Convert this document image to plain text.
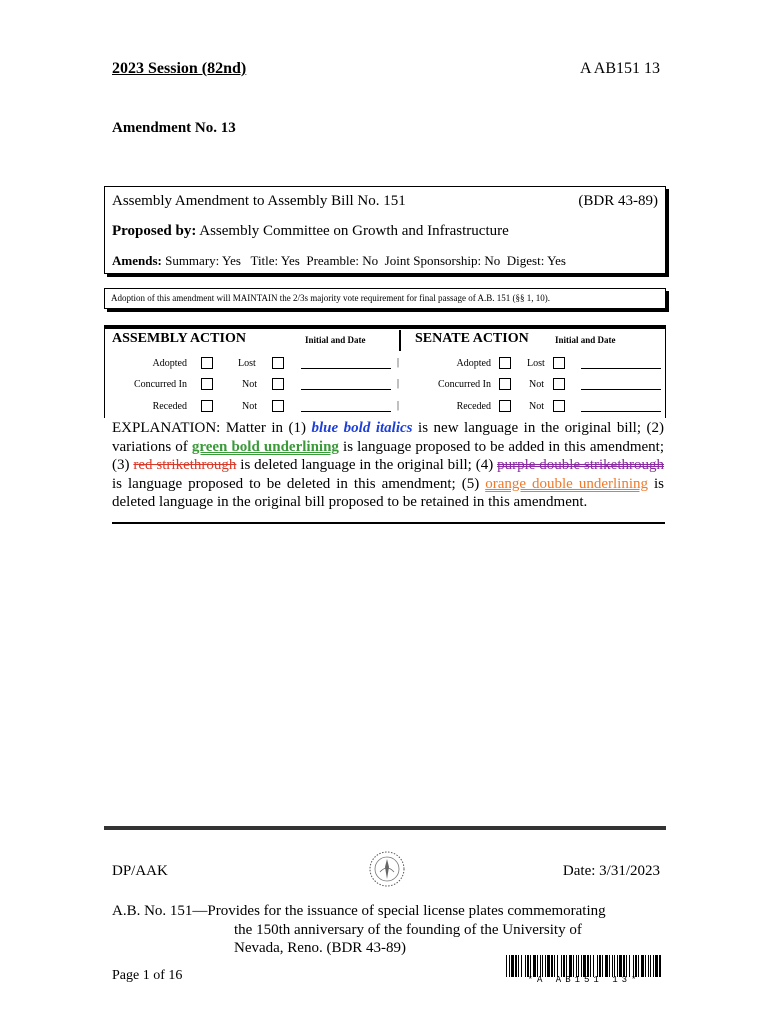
2023 Session (82nd)	A AB151 13
Amendment No. 13
Assembly Amendment to Assembly Bill No. 151	(BDR 43-89)
Proposed by: Assembly Committee on Growth and Infrastructure
Amends: Summary: Yes   Title: Yes  Preamble: No  Joint Sponsorship: No  Digest: Yes
Adoption of this amendment will MAINTAIN the 2/3s majority vote requirement for final passage of A.B. 151 (§§ 1, 10).
ASSEMBLY ACTION	Initial and Date	SENATE ACTION	Initial and Date
Adopted	Lost	|	Adopted	Lost
Concurred In	Not	|	Concurred In	Not
Receded	Not	|	Receded	Not
EXPLANATION: Matter in (1) blue bold italics is new language in the original bill; (2) variations of green bold underlining is language proposed to be added in this amendment; (3) red strikethrough is deleted language in the original bill; (4) purple double strikethrough is language proposed to be deleted in this amendment; (5) orange double underlining is deleted language in the original bill proposed to be retained in this amendment.
DP/AAK	Date: 3/31/2023
A.B. No. 151—Provides for the issuance of special license plates commemorating
the 150th anniversary of the founding of the University of
Nevada, Reno. (BDR 43-89)
Page 1 of 16	*A AB151 13*
